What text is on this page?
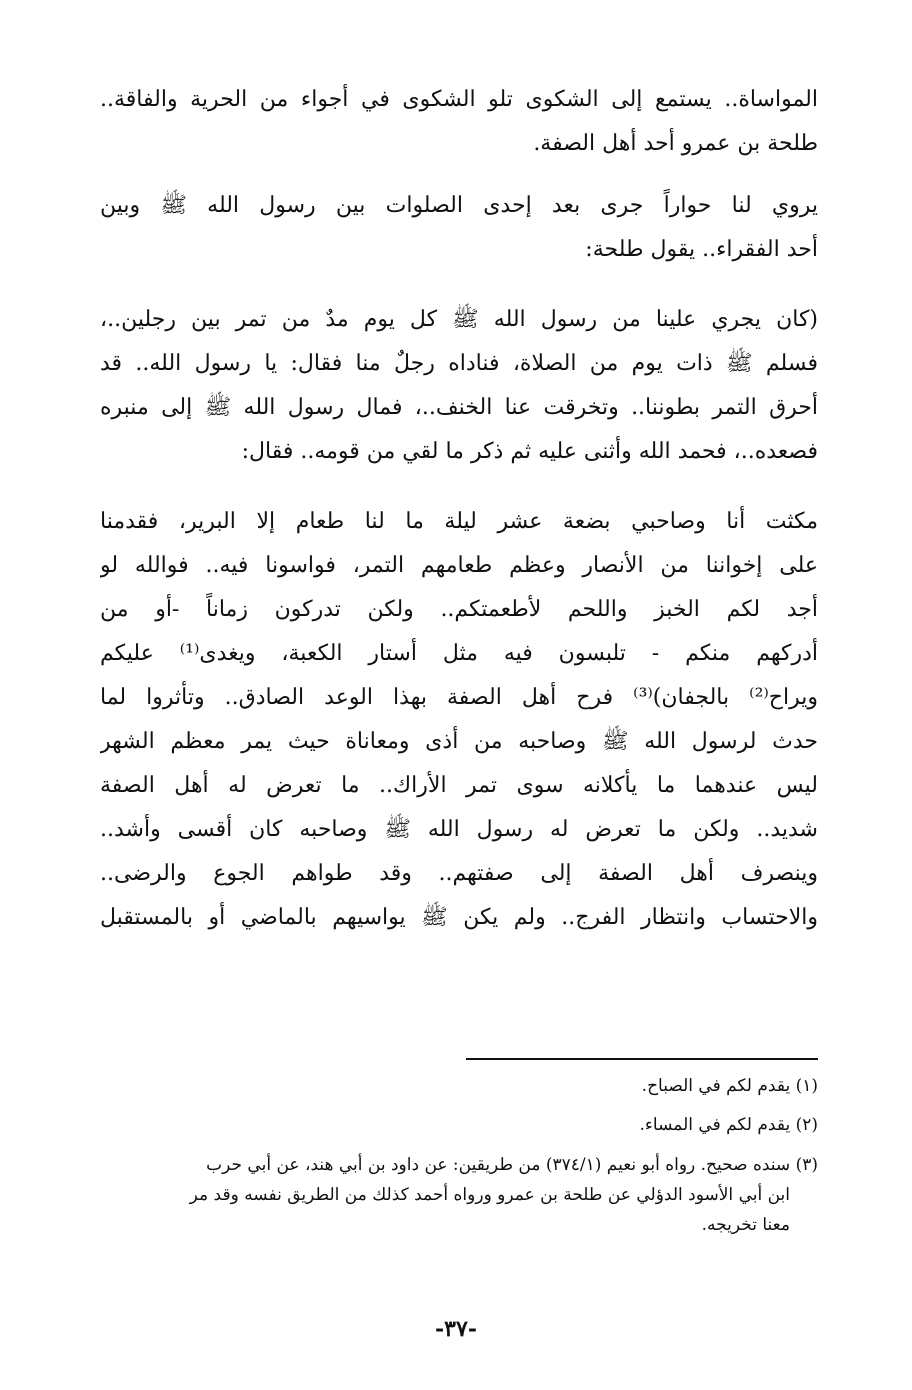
المواساة.. يستمع إلى الشكوى تلو الشكوى في أجواء من الحرية والفاقة..
طلحة بن عمرو أحد أهل الصفة.
يروي لنا حواراً جرى بعد إحدى الصلوات بين رسول الله ﷺ وبين
أحد الفقراء.. يقول طلحة:
(كان يجري علينا من رسول الله ﷺ كل يوم مدٌ من تمر بين رجلين..،
فسلم ﷺ ذات يوم من الصلاة، فناداه رجلٌ منا فقال: يا رسول الله.. قد
أحرق التمر بطوننا.. وتخرقت عنا الخنف..، فمال رسول الله ﷺ إلى منبره
فصعده..، فحمد الله وأثنى عليه ثم ذكر ما لقي من قومه.. فقال:
مكثت أنا وصاحبي بضعة عشر ليلة ما لنا طعام إلا البرير، فقدمنا
على إخواننا من الأنصار وعظم طعامهم التمر، فواسونا فيه.. فوالله لو
أجد لكم الخبز واللحم لأطعمتكم.. ولكن تدركون زماناً -أو من
أدركهم منكم - تلبسون فيه مثل أستار الكعبة، ويغدى⁽¹⁾ عليكم
ويراح⁽²⁾ بالجفان)⁽³⁾ فرح أهل الصفة بهذا الوعد الصادق.. وتأثروا لما
حدث لرسول الله ﷺ وصاحبه من أذى ومعاناة حيث يمر معظم الشهر
ليس عندهما ما يأكلانه سوى تمر الأراك.. ما تعرض له أهل الصفة
شديد.. ولكن ما تعرض له رسول الله ﷺ وصاحبه كان أقسى وأشد..
وينصرف أهل الصفة إلى صفتهم.. وقد طواهم الجوع والرضى..
والاحتساب وانتظار الفرج.. ولم يكن ﷺ يواسيهم بالماضي أو بالمستقبل

(١) يقدم لكم في الصباح.

(٢) يقدم لكم في المساء.

(٣) سنده صحيح. رواه أبو نعيم (٣٧٤/١) من طريقين: عن داود بن أبي هند، عن أبي حرب
ابن أبي الأسود الدؤلي عن طلحة بن عمرو ورواه أحمد كذلك من الطريق نفسه وقد مر
معنا تخريجه.

-٣٧-
